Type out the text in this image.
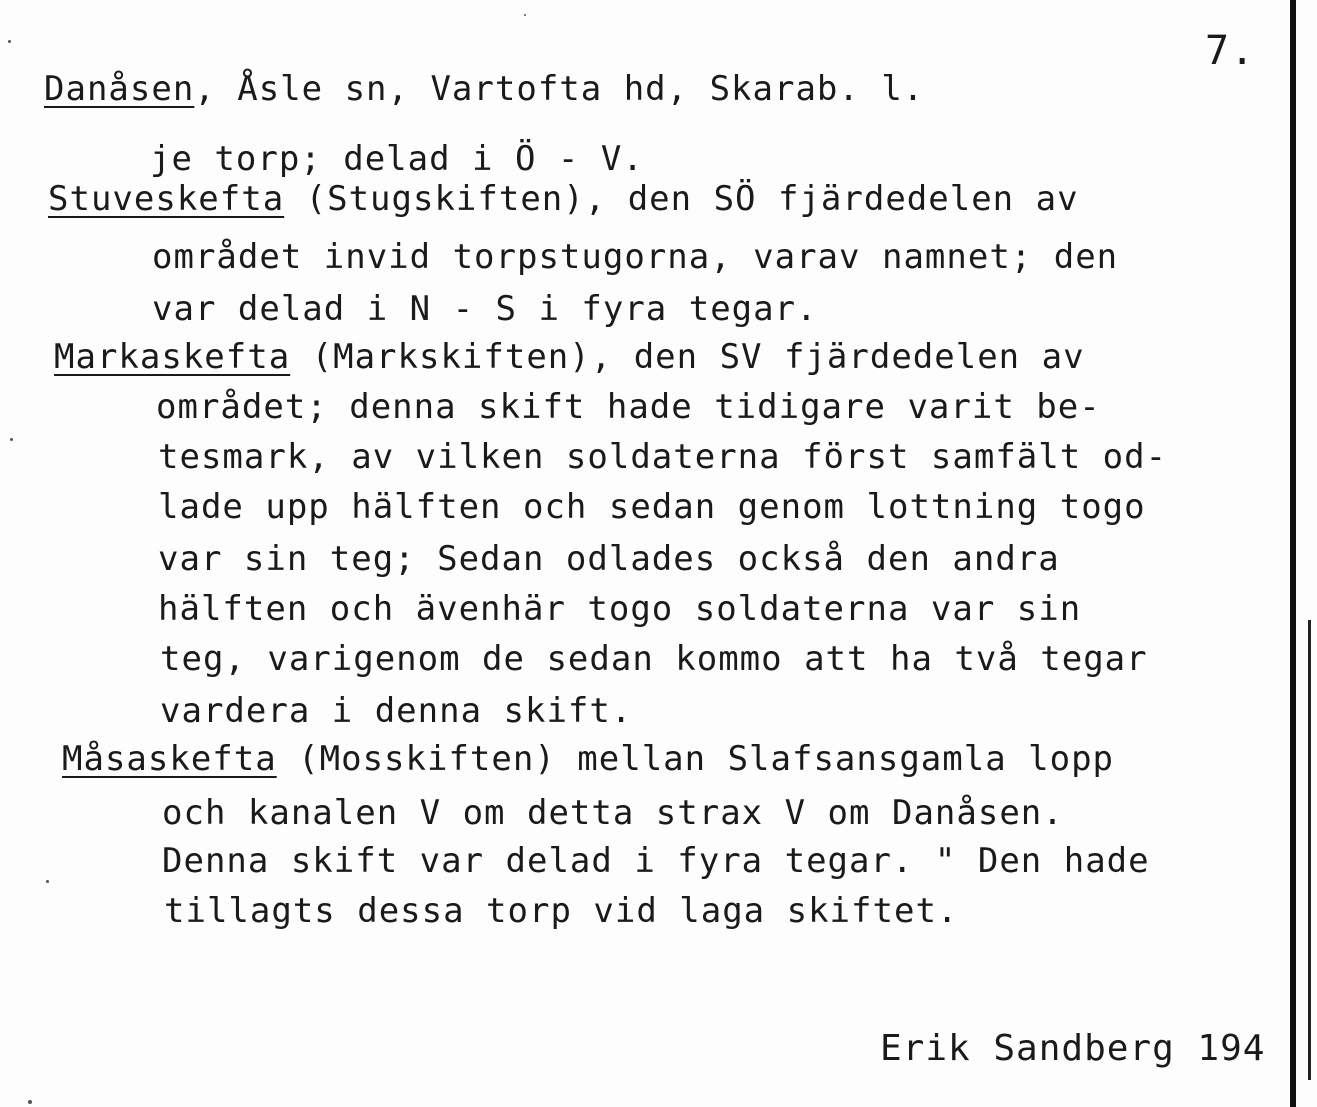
7.
Danåsen, Åsle sn, Vartofta hd, Skarab. l.
je torp; delad i Ö - V.
Stuveskefta (Stugskiften), den SÖ fjärdedelen av
området invid torpstugorna, varav namnet; den
var delad i N - S i fyra tegar.
Markaskefta (Markskiften), den SV fjärdedelen av
området; denna skift hade tidigare varit be-
tesmark, av vilken soldaterna först samfält od-
lade upp hälften och sedan genom lottning togo
var sin teg; Sedan odlades också den andra
hälften och ävenhär togo soldaterna var sin
teg, varigenom de sedan kommo att ha två tegar
vardera i denna skift.
Måsaskefta (Mosskiften) mellan Slafsansgamla lopp
och kanalen V om detta strax V om Danåsen.
Denna skift var delad i fyra tegar. " Den hade
tillagts dessa torp vid laga skiftet.
Erik Sandberg 194
